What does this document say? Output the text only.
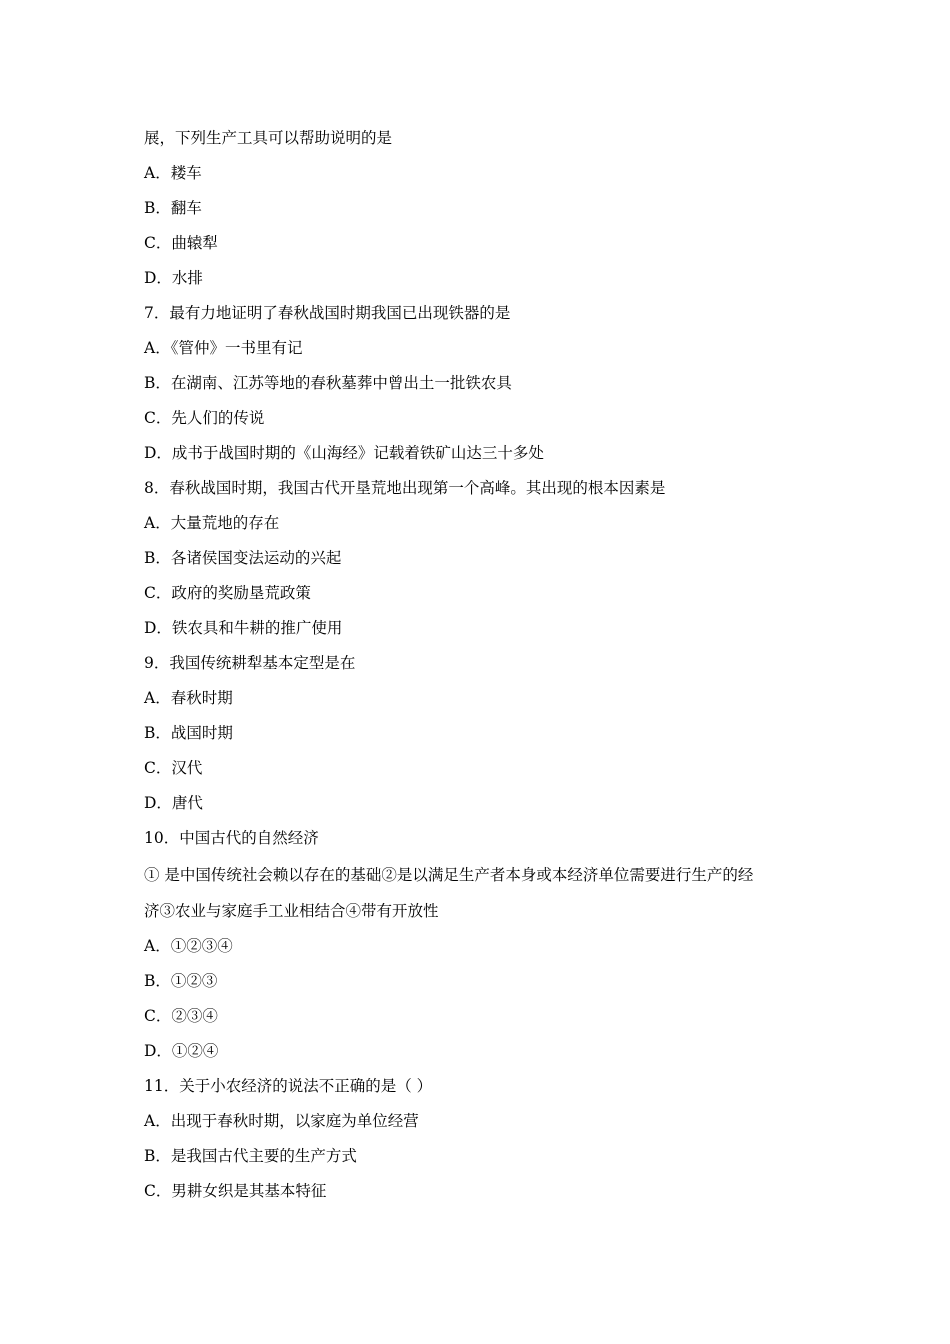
展，下列生产工具可以帮助说明的是
A．耧车
B．翻车
C．曲辕犁
D．水排
7．最有力地证明了春秋战国时期我国已出现铁器的是
A．《管仲》一书里有记
B．在湖南、江苏等地的春秋墓葬中曾出土一批铁农具
C．先人们的传说
D．成书于战国时期的《山海经》记载着铁矿山达三十多处
8．春秋战国时期，我国古代开垦荒地出现第一个高峰。其出现的根本因素是
A．大量荒地的存在
B．各诸侯国变法运动的兴起
C．政府的奖励垦荒政策
D．铁农具和牛耕的推广使用
9．我国传统耕犁基本定型是在
A．春秋时期
B．战国时期
C．汉代
D．唐代
10．中国古代的自然经济
① 是中国传统社会赖以存在的基础②是以满足生产者本身或本经济单位需要进行生产的经
济③农业与家庭手工业相结合④带有开放性
A．①②③④
B．①②③
C．②③④
D．①②④
11．关于小农经济的说法不正确的是（ ）
A．出现于春秋时期，以家庭为单位经营
B．是我国古代主要的生产方式
C．男耕女织是其基本特征
